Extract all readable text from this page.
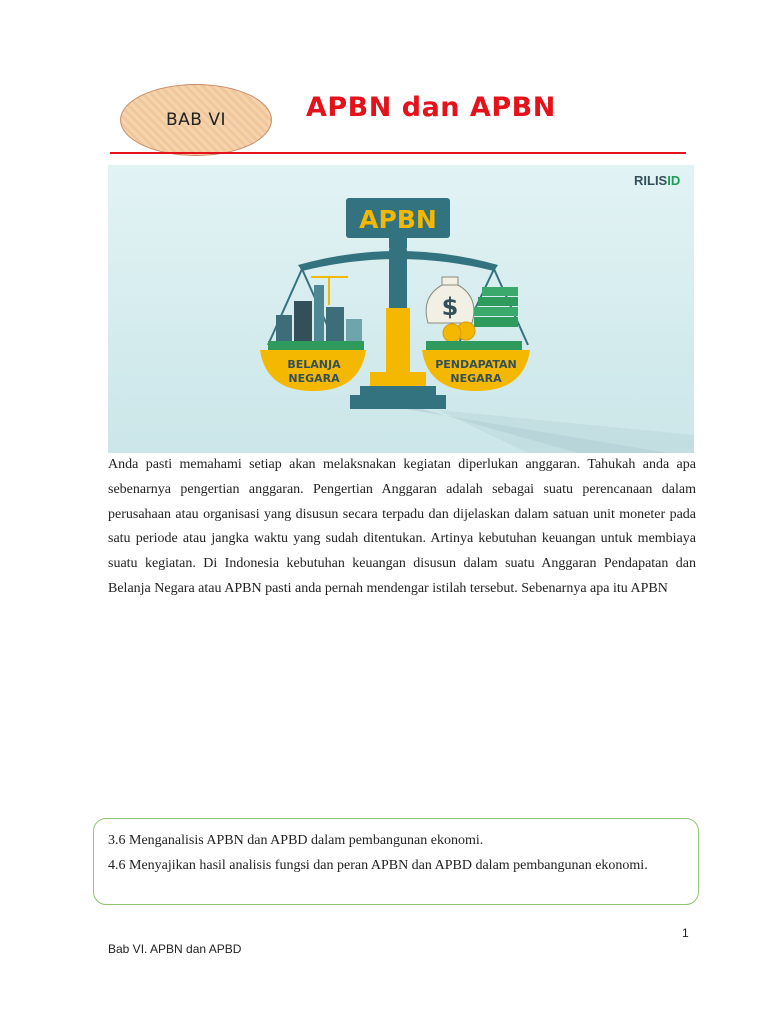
BAB VI	APBN dan APBN
RILISID
APBN
BELANJA
NEGARA
$
PENDAPATAN
NEGARA

Anda pasti memahami setiap akan melaksnakan kegiatan diperlukan anggaran. Tahukah anda apa sebenarnya pengertian anggaran. Pengertian Anggaran adalah sebagai suatu perencanaan dalam perusahaan atau organisasi yang disusun secara terpadu dan dijelaskan dalam satuan unit moneter pada satu periode atau jangka waktu yang sudah ditentukan. Artinya kebutuhan keuangan untuk membiaya suatu kegiatan. Di Indonesia kebutuhan keuangan disusun dalam suatu Anggaran Pendapatan dan Belanja Negara atau APBN pasti anda pernah mendengar istilah tersebut. Sebenarnya apa itu APBN

3.6 Menganalisis APBN dan APBD dalam pembangunan ekonomi.

4.6 Menyajikan hasil analisis fungsi dan peran APBN dan APBD dalam pembangunan ekonomi.

1
Bab VI. APBN dan APBD
